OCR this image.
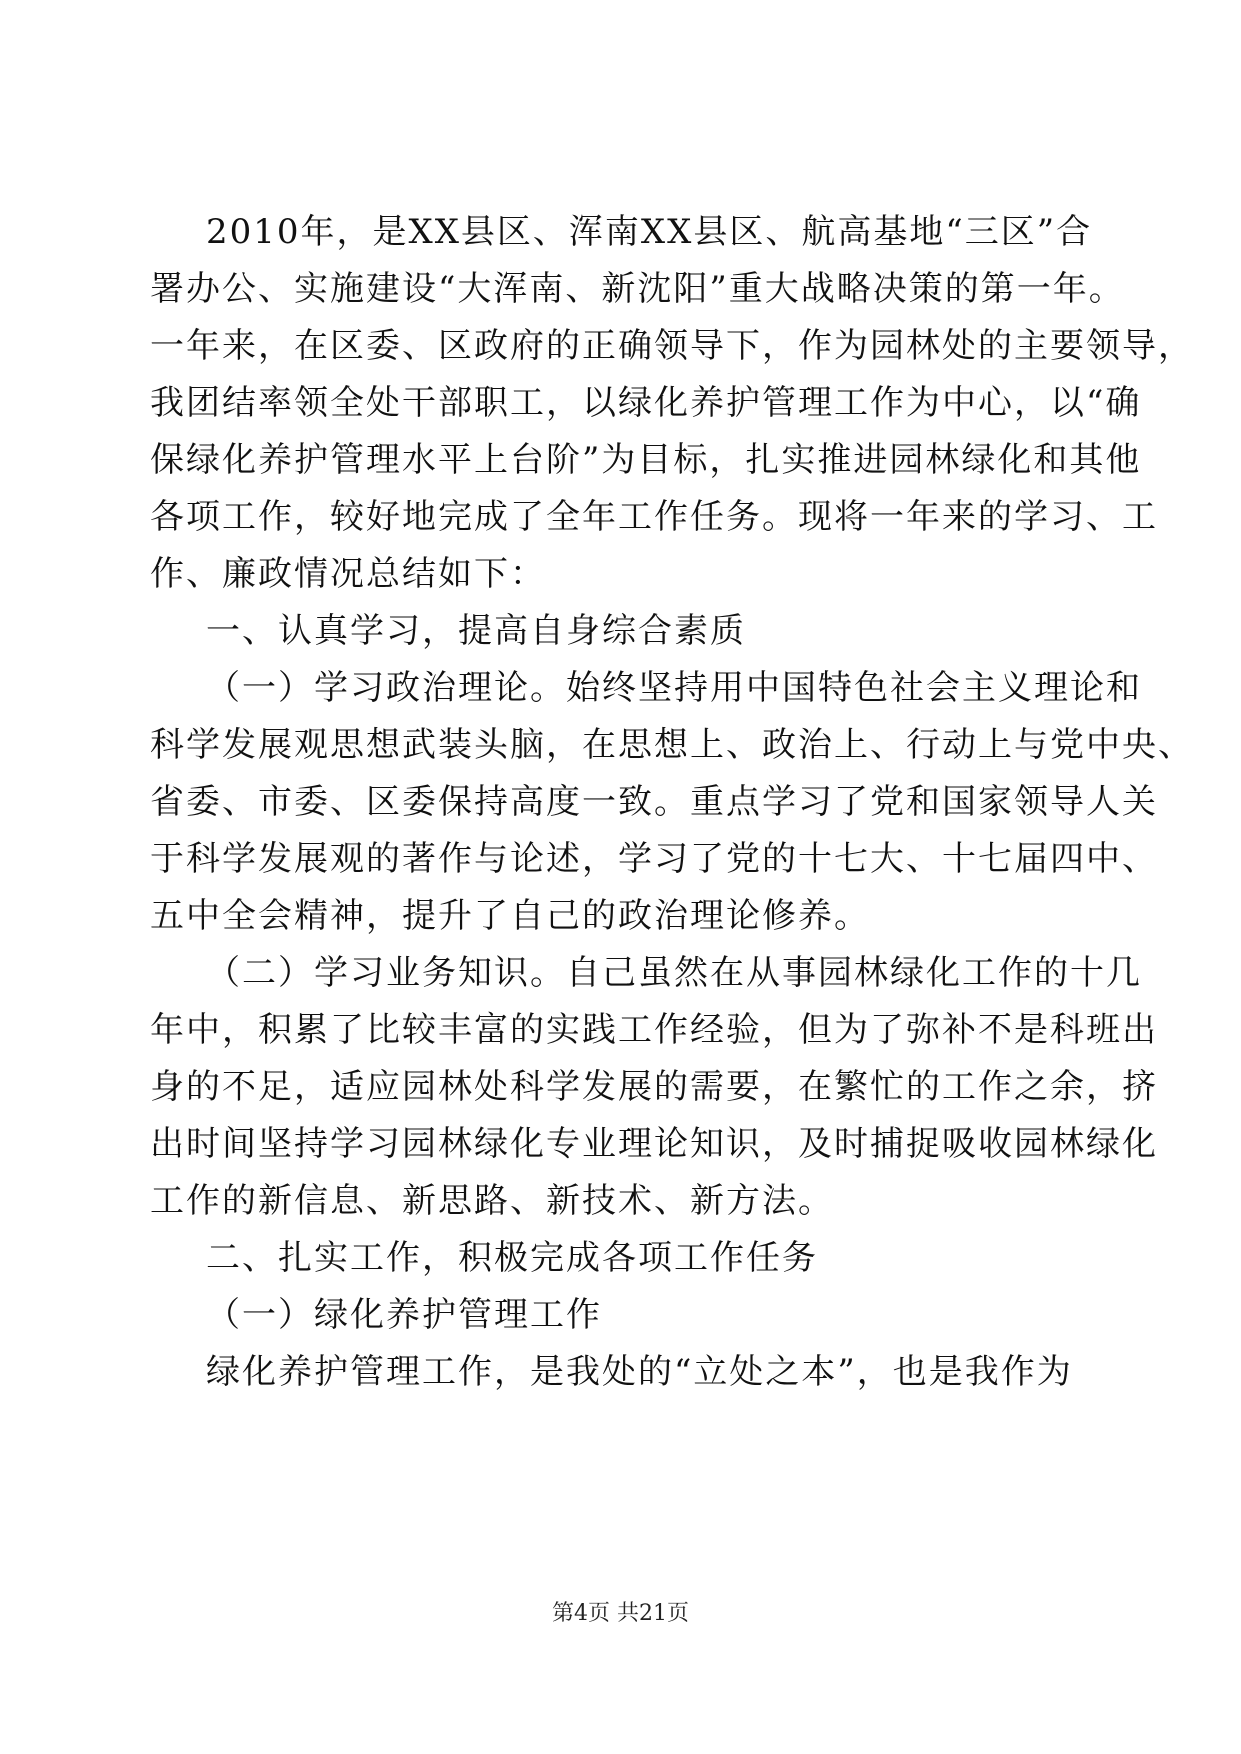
2010年，是XX县区、浑南XX县区、航高基地“三区”合
署办公、实施建设“大浑南、新沈阳”重大战略决策的第一年。
一年来，在区委、区政府的正确领导下，作为园林处的主要领导，
我团结率领全处干部职工，以绿化养护管理工作为中心，以“确
保绿化养护管理水平上台阶”为目标，扎实推进园林绿化和其他
各项工作，较好地完成了全年工作任务。现将一年来的学习、工
作、廉政情况总结如下：
一、认真学习，提高自身综合素质
（一）学习政治理论。始终坚持用中国特色社会主义理论和
科学发展观思想武装头脑，在思想上、政治上、行动上与党中央、
省委、市委、区委保持高度一致。重点学习了党和国家领导人关
于科学发展观的著作与论述，学习了党的十七大、十七届四中、
五中全会精神，提升了自己的政治理论修养。
（二）学习业务知识。自己虽然在从事园林绿化工作的十几
年中，积累了比较丰富的实践工作经验，但为了弥补不是科班出
身的不足，适应园林处科学发展的需要，在繁忙的工作之余，挤
出时间坚持学习园林绿化专业理论知识，及时捕捉吸收园林绿化
工作的新信息、新思路、新技术、新方法。
二、扎实工作，积极完成各项工作任务
（一）绿化养护管理工作
绿化养护管理工作，是我处的“立处之本”，也是我作为
第4页 共21页
